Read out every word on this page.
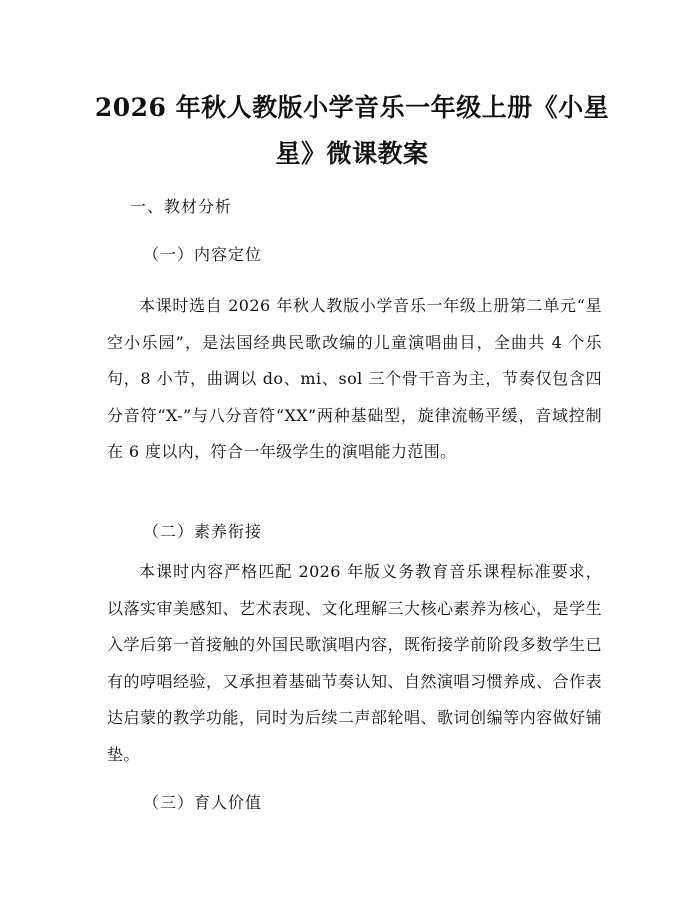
2026 年秋人教版小学音乐一年级上册《小星
星》微课教案
一、教材分析
（一）内容定位

本课时选自 2026 年秋人教版小学音乐一年级上册第二单元“星空小乐园”，是法国经典民歌改编的儿童演唱曲目，全曲共 4 个乐句，8 小节，曲调以 do、mi、sol 三个骨干音为主，节奏仅包含四分音符“X-”与八分音符“XX”两种基础型，旋律流畅平缓，音域控制在 6 度以内，符合一年级学生的演唱能力范围。

（二）素养衔接

本课时内容严格匹配 2026 年版义务教育音乐课程标准要求，以落实审美感知、艺术表现、文化理解三大核心素养为核心，是学生入学后第一首接触的外国民歌演唱内容，既衔接学前阶段多数学生已有的哼唱经验，又承担着基础节奏认知、自然演唱习惯养成、合作表达启蒙的教学功能，同时为后续二声部轮唱、歌词创编等内容做好铺垫。

（三）育人价值
